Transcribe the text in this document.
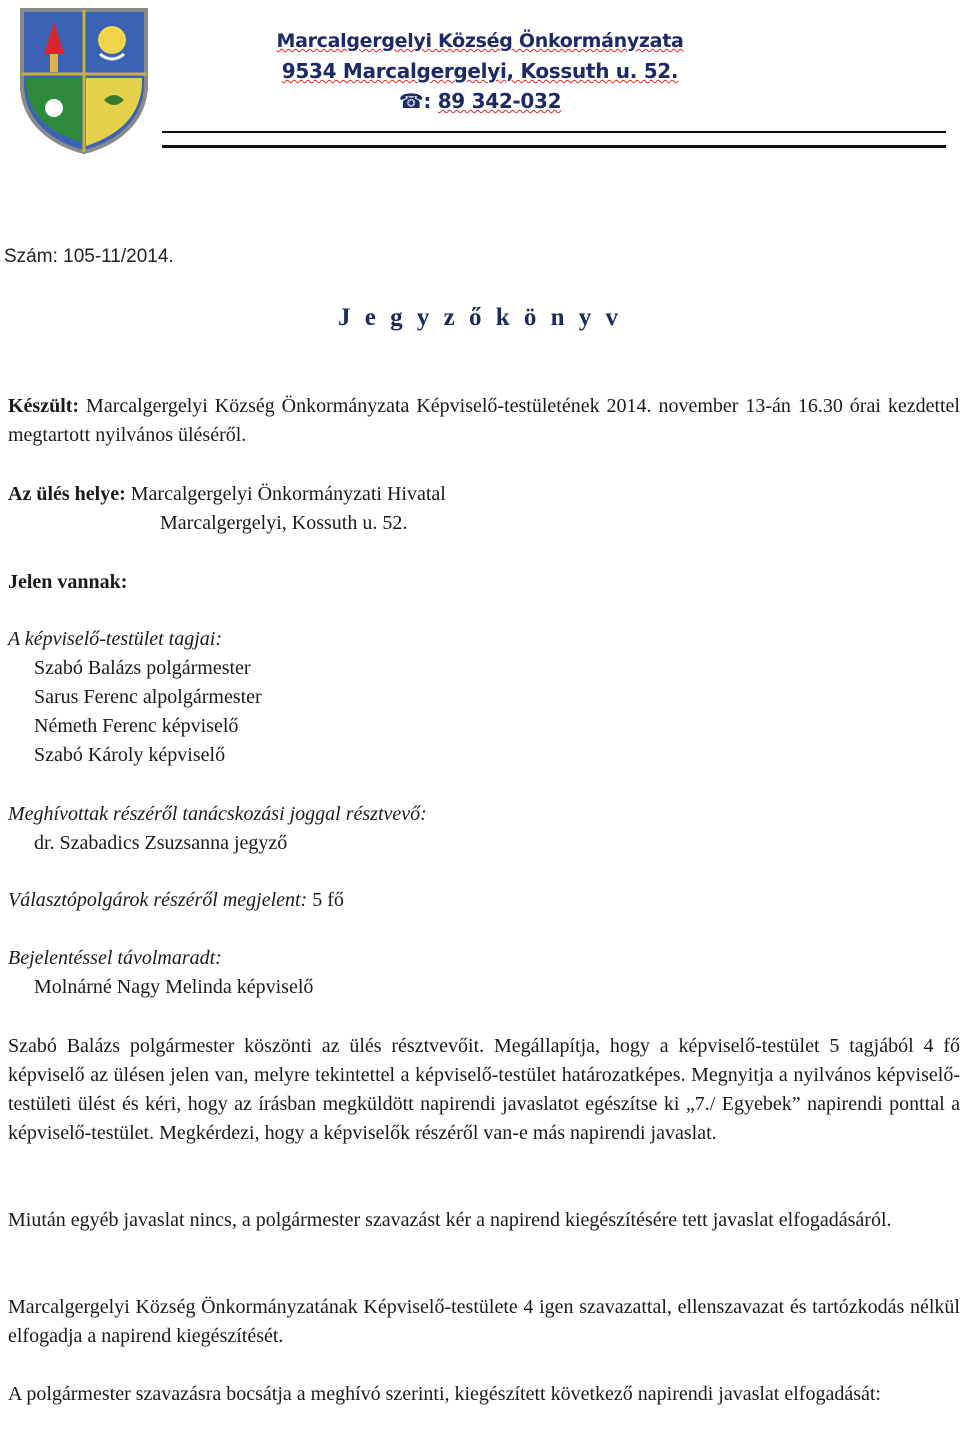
Marcalgergelyi Község Önkormányzata
9534 Marcalgergelyi, Kossuth u. 52.
☎: 89 342-032
Szám: 105-11/2014.
J e g y z ő k ö n y v
Készült: Marcalgergelyi Község Önkormányzata Képviselő-testületének 2014. november 13-án 16.30 órai kezdettel megtartott nyilvános üléséről.
Az ülés helye: Marcalgergelyi Önkormányzati Hivatal
Marcalgergelyi, Kossuth u. 52.
Jelen vannak:
A képviselő-testület tagjai:
Szabó Balázs polgármester
Sarus Ferenc alpolgármester
Németh Ferenc képviselő
Szabó Károly képviselő
Meghívottak részéről tanácskozási joggal résztvevő:
dr. Szabadics Zsuzsanna jegyző
Választópolgárok részéről megjelent: 5 fő
Bejelentéssel távolmaradt:
Molnárné Nagy Melinda képviselő

Szabó Balázs polgármester köszönti az ülés résztvevőit. Megállapítja, hogy a képviselő-testület 5 tagjából 4 fő képviselő az ülésen jelen van, melyre tekintettel a képviselő-testület határozatképes. Megnyitja a nyilvános képviselő-testületi ülést és kéri, hogy az írásban megküldött napirendi javaslatot egészítse ki „7./ Egyebek” napirendi ponttal a képviselő-testület. Megkérdezi, hogy a képviselők részéről van-e más napirendi javaslat.

Miután egyéb javaslat nincs, a polgármester szavazást kér a napirend kiegészítésére tett javaslat elfogadásáról.

Marcalgergelyi Község Önkormányzatának Képviselő-testülete 4 igen szavazattal, ellenszavazat és tartózkodás nélkül elfogadja a napirend kiegészítését.

A polgármester szavazásra bocsátja a meghívó szerinti, kiegészített következő napirendi javaslat elfogadását:
